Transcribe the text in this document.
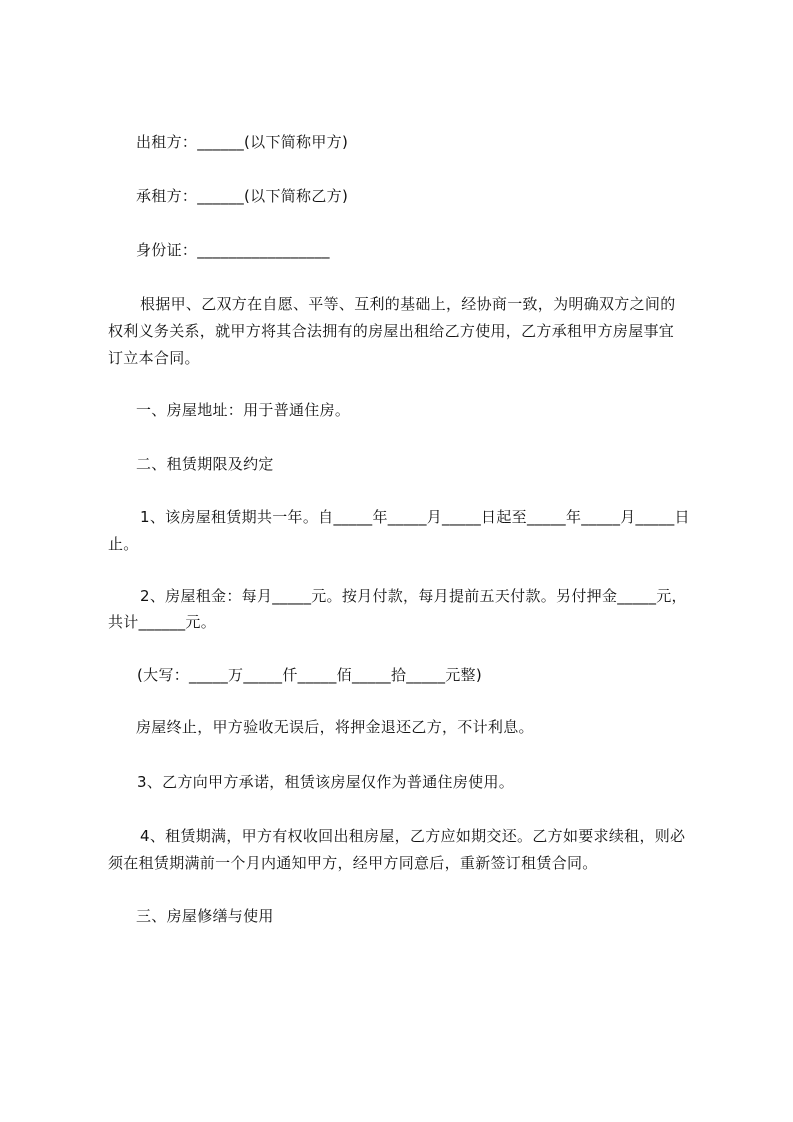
出租方：______(以下简称甲方)
承租方：______(以下简称乙方)
身份证：_________________
根据甲、乙双方在自愿、平等、互利的基础上，经协商一致，为明确双方之间的
权利义务关系，就甲方将其合法拥有的房屋出租给乙方使用，乙方承租甲方房屋事宜
订立本合同。
一、房屋地址：用于普通住房。
二、租赁期限及约定
1、该房屋租赁期共一年。自_____年_____月_____日起至_____年_____月_____日
止。
2、房屋租金：每月_____元。按月付款，每月提前五天付款。另付押金_____元，
共计______元。
(大写：_____万_____仟_____佰_____拾_____元整)
房屋终止，甲方验收无误后，将押金退还乙方，不计利息。
3、乙方向甲方承诺，租赁该房屋仅作为普通住房使用。
4、租赁期满，甲方有权收回出租房屋，乙方应如期交还。乙方如要求续租，则必
须在租赁期满前一个月内通知甲方，经甲方同意后，重新签订租赁合同。
三、房屋修缮与使用
